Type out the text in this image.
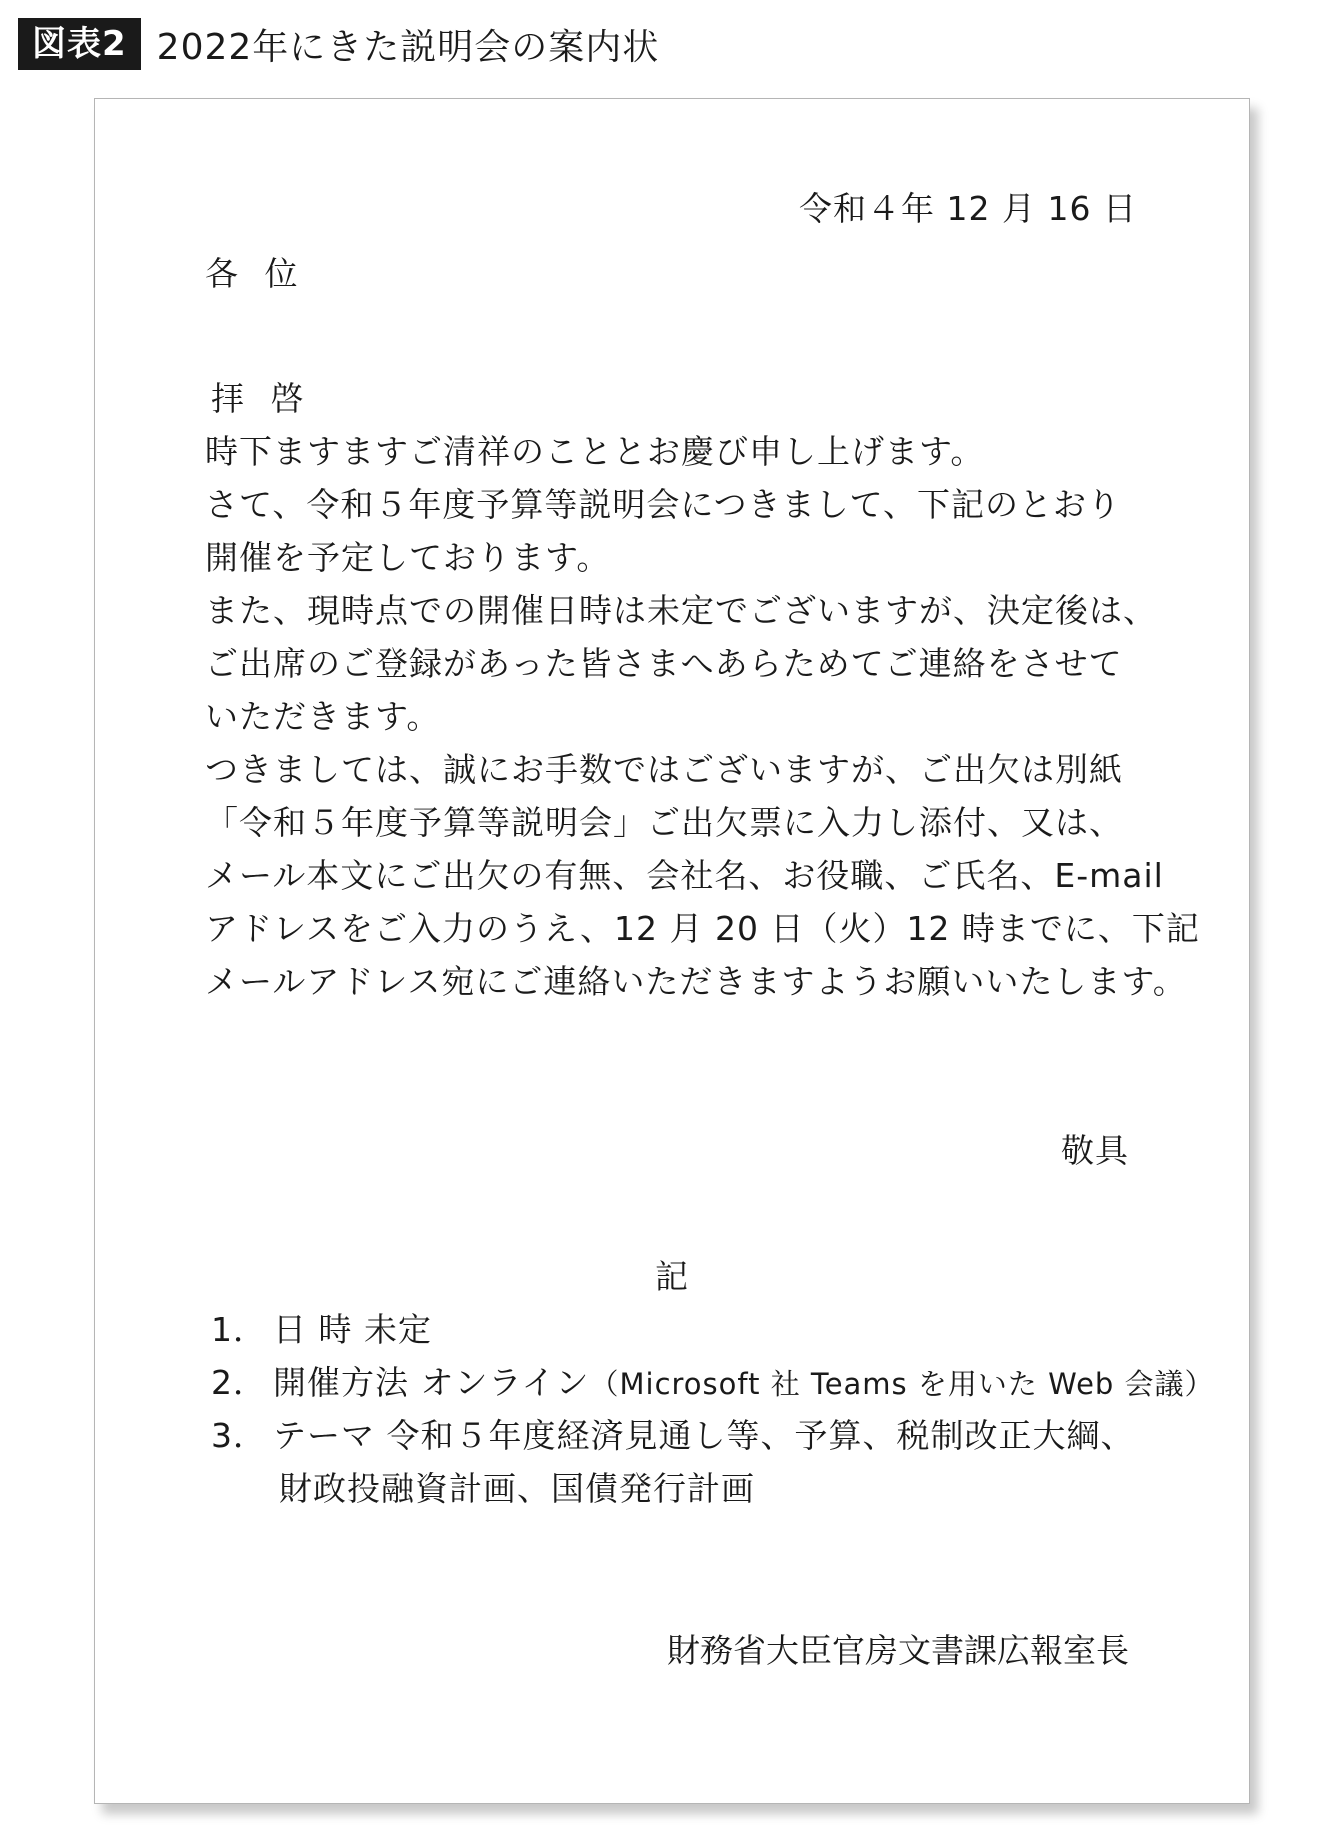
図表2 2022年にきた説明会の案内状
令和４年 12 月 16 日
各 位
拝 啓
時下ますますご清祥のこととお慶び申し上げます。
さて、令和５年度予算等説明会につきまして、下記のとおり
開催を予定しております。
また、現時点での開催日時は未定でございますが、決定後は、
ご出席のご登録があった皆さまへあらためてご連絡をさせて
いただきます。
つきましては、誠にお手数ではございますが、ご出欠は別紙
「令和５年度予算等説明会」ご出欠票に入力し添付、又は、
メール本文にご出欠の有無、会社名、お役職、ご氏名、E-mail
アドレスをご入力のうえ、12 月 20 日（火）12 時までに、下記
メールアドレス宛にご連絡いただきますようお願いいたします。
敬具
記
1． 日 時 未定
2． 開催方法 オンライン（Microsoft 社 Teams を用いた Web 会議）
3． テーマ 令和５年度経済見通し等、予算、税制改正大綱、
財政投融資計画、国債発行計画
財務省大臣官房文書課広報室長
